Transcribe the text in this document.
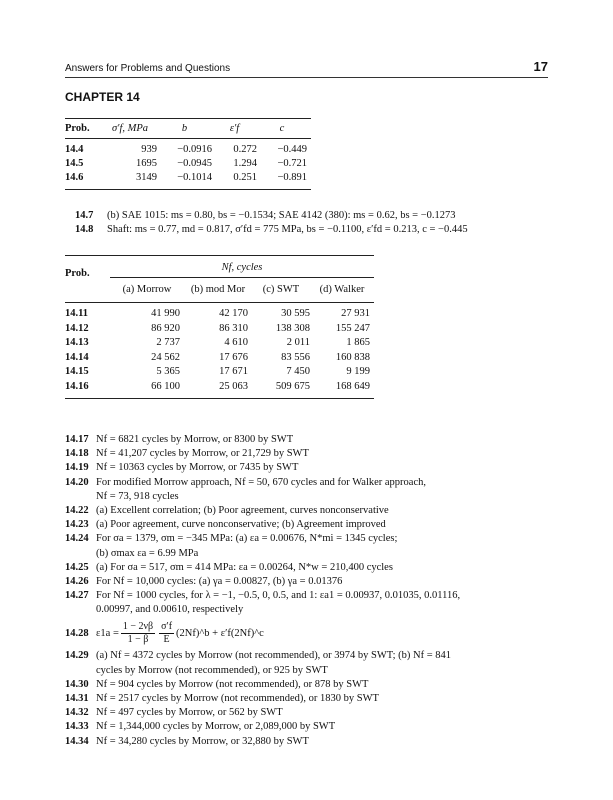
Answers for Problems and Questions	17
CHAPTER 14
Prob.	σ′f, MPa	b	ε′f	c
14.4	939	−0.0916	0.272	−0.449
14.5	1695	−0.0945	1.294	−0.721
14.6	3149	−0.1014	0.251	−0.891
14.7 (b) SAE 1015: ms = 0.80, bs = −0.1534; SAE 4142 (380): ms = 0.62, bs = −0.1273
14.8 Shaft: ms = 0.77, md = 0.817, σ′fd = 775 MPa, bs = −0.1100, ε′fd = 0.213, c = −0.445
Prob.
Nf, cycles
(a) Morrow	(b) mod Mor	(c) SWT	(d) Walker
14.11	41 990	42 170	30 595	27 931
14.12	86 920	86 310	138 308	155 247
14.13	2 737	4 610	2 011	1 865
14.14	24 562	17 676	83 556	160 838
14.15	5 365	17 671	7 450	9 199
14.16	66 100	25 063	509 675	168 649
14.17 Nf = 6821 cycles by Morrow, or 8300 by SWT
14.18 Nf = 41,207 cycles by Morrow, or 21,729 by SWT
14.19 Nf = 10363 cycles by Morrow, or 7435 by SWT
14.20 For modified Morrow approach, Nf = 50, 670 cycles and for Walker approach,
Nf = 73, 918 cycles
14.22 (a) Excellent correlation; (b) Poor agreement, curves nonconservative
14.23 (a) Poor agreement, curve nonconservative; (b) Agreement improved
14.24 For σa = 1379, σm = −345 MPa: (a) εa = 0.00676, N*mi = 1345 cycles;
(b) σmax εa = 6.99 MPa
14.25 (a) For σa = 517, σm = 414 MPa: εa = 0.00264, N*w = 210,400 cycles
14.26 For Nf = 10,000 cycles: (a) γa = 0.00827, (b) γa = 0.01376
14.27 For Nf = 1000 cycles, for λ = −1, −0.5, 0, 0.5, and 1: εa1 = 0.00937, 0.01035, 0.01116,
0.00997, and 0.00610, respectively
14.28 $\varepsilon 1a = \frac{1 - 2\nu\beta}{1 - \beta} \frac{\sigma'f}{E}$ (2Nf)^b + ε′f(2Nf)^c
14.29 (a) Nf = 4372 cycles by Morrow (not recommended), or 3974 by SWT; (b) Nf = 841
cycles by Morrow (not recommended), or 925 by SWT
14.30 Nf = 904 cycles by Morrow (not recommended), or 878 by SWT
14.31 Nf = 2517 cycles by Morrow (not recommended), or 1830 by SWT
14.32 Nf = 497 cycles by Morrow, or 562 by SWT
14.33 Nf = 1,344,000 cycles by Morrow, or 2,089,000 by SWT
14.34 Nf = 34,280 cycles by Morrow, or 32,880 by SWT
